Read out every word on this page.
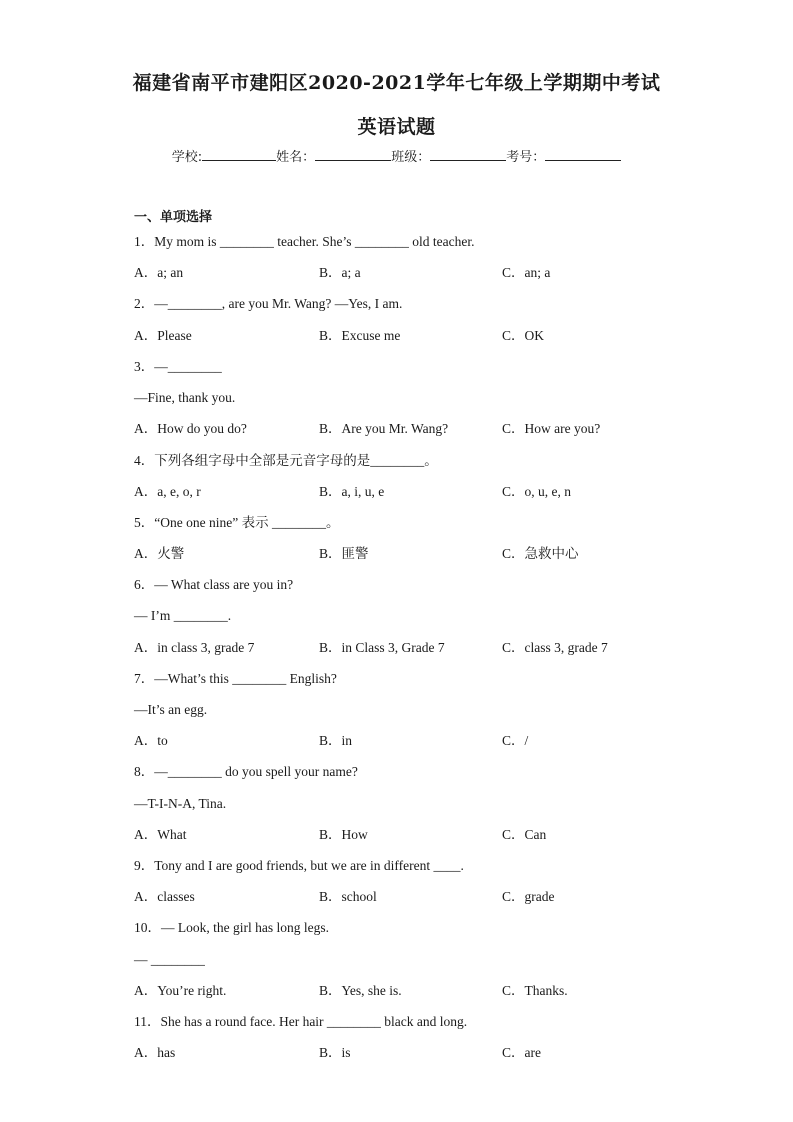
福建省南平市建阳区2020-2021学年七年级上学期期中考试
英语试题
学校:	姓名：	班级：	考号：
一、单项选择
1．My mom is ________ teacher. She’s ________ old teacher.
A．a; an	B．a; a	C．an; a
2．—________, are you Mr. Wang? —Yes, I am.
A．Please	B．Excuse me	C．OK
3．—________
—Fine, thank you.
A．How do you do?	B．Are you Mr. Wang?	C．How are you?
4．下列各组字母中全部是元音字母的是________。
A．a, e, o, r	B．a, i, u, e	C．o, u, e, n
5．“One one nine” 表示 ________。
A．火警	B．匪警	C．急救中心
6．— What class are you in?
— I’m ________.
A．in class 3, grade 7	B．in Class 3, Grade 7	C．class 3, grade 7
7．—What’s this ________ English?
—It’s an egg.
A．to	B．in	C．/
8．—________ do you spell your name?
—T-I-N-A, Tina.
A．What	B．How	C．Can
9．Tony and I are good friends, but we are in different ____.
A．classes	B．school	C．grade
10．— Look, the girl has long legs.
— ________
A．You’re right.	B．Yes, she is.	C．Thanks.
11．She has a round face. Her hair ________ black and long.
A．has	B．is	C．are
